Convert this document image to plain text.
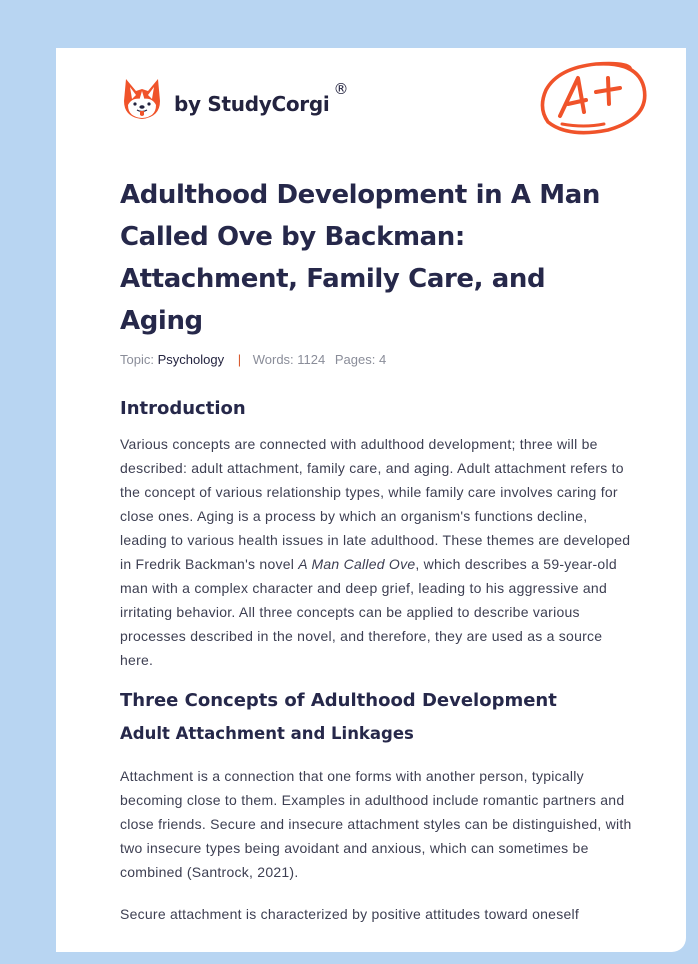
by StudyCorgi
®
Adulthood Development in A Man Called Ove by Backman: Attachment, Family Care, and Aging
Topic: Psychology | Words: 1124 Pages: 4
Introduction

Various concepts are connected with adulthood development; three will be described: adult attachment, family care, and aging. Adult attachment refers to the concept of various relationship types, while family care involves caring for close ones. Aging is a process by which an organism's functions decline, leading to various health issues in late adulthood. These themes are developed in Fredrik Backman's novel A Man Called Ove, which describes a 59-year-old man with a complex character and deep grief, leading to his aggressive and irritating behavior. All three concepts can be applied to describe various processes described in the novel, and therefore, they are used as a source here.

Three Concepts of Adulthood Development
Adult Attachment and Linkages

Attachment is a connection that one forms with another person, typically becoming close to them. Examples in adulthood include romantic partners and close friends. Secure and insecure attachment styles can be distinguished, with two insecure types being avoidant and anxious, which can sometimes be combined (Santrock, 2021).

Secure attachment is characterized by positive attitudes toward oneself
